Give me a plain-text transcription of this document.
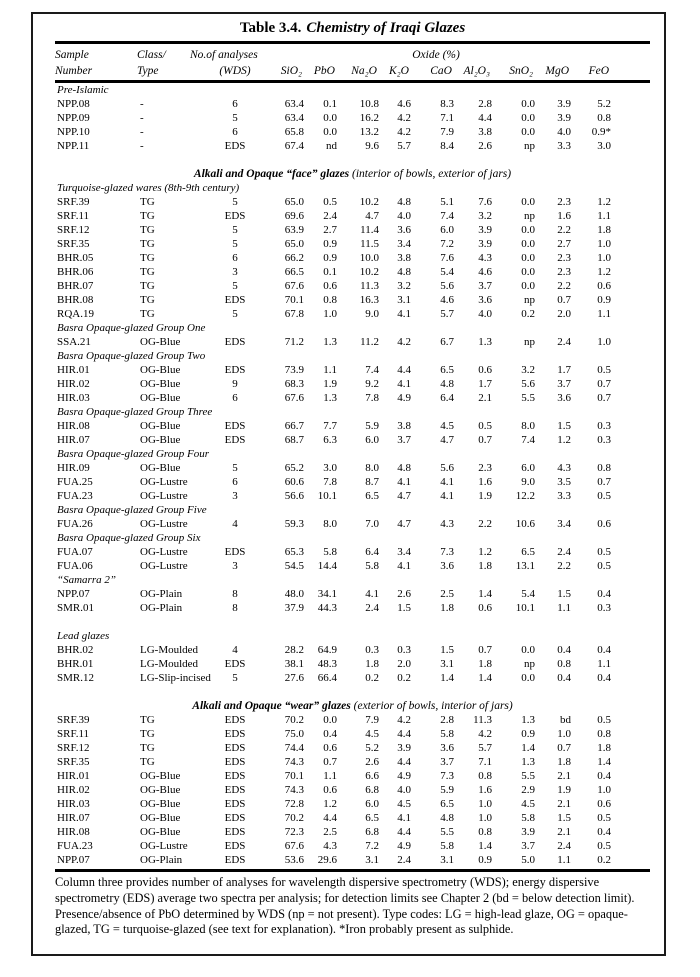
Table 3.4. Chemistry of Iraqi Glazes
Sample	Class/	No.of analyses	Oxide (%)									
Number	Type	(WDS)	SiO₂	PbO	Na₂O	K₂O	CaO	Al₂O₃	SnO₂	MgO	FeO	
Pre-Islamic												
NPP.08	-	6	63.4	0.1	10.8	4.6	8.3	2.8	0.0	3.9	5.2	
NPP.09	-	5	63.4	0.0	16.2	4.2	7.1	4.4	0.0	3.9	0.8	
NPP.10	-	6	65.8	0.0	13.2	4.2	7.9	3.8	0.0	4.0	0.9*	
NPP.11	-	EDS	67.4	nd	9.6	5.7	8.4	2.6	np	3.3	3.0	

Alkali and Opaque “face” glazes (interior of bowls, exterior of jars)												
Turquoise-glazed wares (8th-9th century)												
SRF.39	TG	5	65.0	0.5	10.2	4.8	5.1	7.6	0.0	2.3	1.2	
SRF.11	TG	EDS	69.6	2.4	4.7	4.0	7.4	3.2	np	1.6	1.1	
SRF.12	TG	5	63.9	2.7	11.4	3.6	6.0	3.9	0.0	2.2	1.8	
SRF.35	TG	5	65.0	0.9	11.5	3.4	7.2	3.9	0.0	2.7	1.0	
BHR.05	TG	6	66.2	0.9	10.0	3.8	7.6	4.3	0.0	2.3	1.0	
BHR.06	TG	3	66.5	0.1	10.2	4.8	5.4	4.6	0.0	2.3	1.2	
BHR.07	TG	5	67.6	0.6	11.3	3.2	5.6	3.7	0.0	2.2	0.6	
BHR.08	TG	EDS	70.1	0.8	16.3	3.1	4.6	3.6	np	0.7	0.9	
RQA.19	TG	5	67.8	1.0	9.0	4.1	5.7	4.0	0.2	2.0	1.1	
Basra Opaque-glazed Group One												
SSA.21	OG-Blue	EDS	71.2	1.3	11.2	4.2	6.7	1.3	np	2.4	1.0	
Basra Opaque-glazed Group Two												
HIR.01	OG-Blue	EDS	73.9	1.1	7.4	4.4	6.5	0.6	3.2	1.7	0.5	
HIR.02	OG-Blue	9	68.3	1.9	9.2	4.1	4.8	1.7	5.6	3.7	0.7	
HIR.03	OG-Blue	6	67.6	1.3	7.8	4.9	6.4	2.1	5.5	3.6	0.7	
Basra Opaque-glazed Group Three												
HIR.08	OG-Blue	EDS	66.7	7.7	5.9	3.8	4.5	0.5	8.0	1.5	0.3	
HIR.07	OG-Blue	EDS	68.7	6.3	6.0	3.7	4.7	0.7	7.4	1.2	0.3	
Basra Opaque-glazed Group Four												
HIR.09	OG-Blue	5	65.2	3.0	8.0	4.8	5.6	2.3	6.0	4.3	0.8	
FUA.25	OG-Lustre	6	60.6	7.8	8.7	4.1	4.1	1.6	9.0	3.5	0.7	
FUA.23	OG-Lustre	3	56.6	10.1	6.5	4.7	4.1	1.9	12.2	3.3	0.5	
Basra Opaque-glazed Group Five												
FUA.26	OG-Lustre	4	59.3	8.0	7.0	4.7	4.3	2.2	10.6	3.4	0.6	
Basra Opaque-glazed Group Six												
FUA.07	OG-Lustre	EDS	65.3	5.8	6.4	3.4	7.3	1.2	6.5	2.4	0.5	
FUA.06	OG-Lustre	3	54.5	14.4	5.8	4.1	3.6	1.8	13.1	2.2	0.5	
“Samarra 2”												
NPP.07	OG-Plain	8	48.0	34.1	4.1	2.6	2.5	1.4	5.4	1.5	0.4	
SMR.01	OG-Plain	8	37.9	44.3	2.4	1.5	1.8	0.6	10.1	1.1	0.3	

Lead glazes												
BHR.02	LG-Moulded	4	28.2	64.9	0.3	0.3	1.5	0.7	0.0	0.4	0.4	
BHR.01	LG-Moulded	EDS	38.1	48.3	1.8	2.0	3.1	1.8	np	0.8	1.1	
SMR.12	LG-Slip-incised	5	27.6	66.4	0.2	0.2	1.4	1.4	0.0	0.4	0.4	

Alkali and Opaque “wear” glazes (exterior of bowls, interior of jars)												
SRF.39	TG	EDS	70.2	0.0	7.9	4.2	2.8	11.3	1.3	bd	0.5	
SRF.11	TG	EDS	75.0	0.4	4.5	4.4	5.8	4.2	0.9	1.0	0.8	
SRF.12	TG	EDS	74.4	0.6	5.2	3.9	3.6	5.7	1.4	0.7	1.8	
SRF.35	TG	EDS	74.3	0.7	2.6	4.4	3.7	7.1	1.3	1.8	1.4	
HIR.01	OG-Blue	EDS	70.1	1.1	6.6	4.9	7.3	0.8	5.5	2.1	0.4	
HIR.02	OG-Blue	EDS	74.3	0.6	6.8	4.0	5.9	1.6	2.9	1.9	1.0	
HIR.03	OG-Blue	EDS	72.8	1.2	6.0	4.5	6.5	1.0	4.5	2.1	0.6	
HIR.07	OG-Blue	EDS	70.2	4.4	6.5	4.1	4.8	1.0	5.8	1.5	0.5	
HIR.08	OG-Blue	EDS	72.3	2.5	6.8	4.4	5.5	0.8	3.9	2.1	0.4	
FUA.23	OG-Lustre	EDS	67.6	4.3	7.2	4.9	5.8	1.4	3.7	2.4	0.5	
NPP.07	OG-Plain	EDS	53.6	29.6	3.1	2.4	3.1	0.9	5.0	1.1	0.2	
Column three provides number of analyses for wavelength dispersive spectrometry (WDS); energy dispersive spectrometry (EDS) average two spectra per analysis; for detection limits see Chapter 2 (bd = below detection limit). Presence/absence of PbO determined by WDS (np = not present). Type codes: LG = high-lead glaze, OG = opaque-glazed, TG = turquoise-glazed (see text for explanation). *Iron probably present as sulphide.
